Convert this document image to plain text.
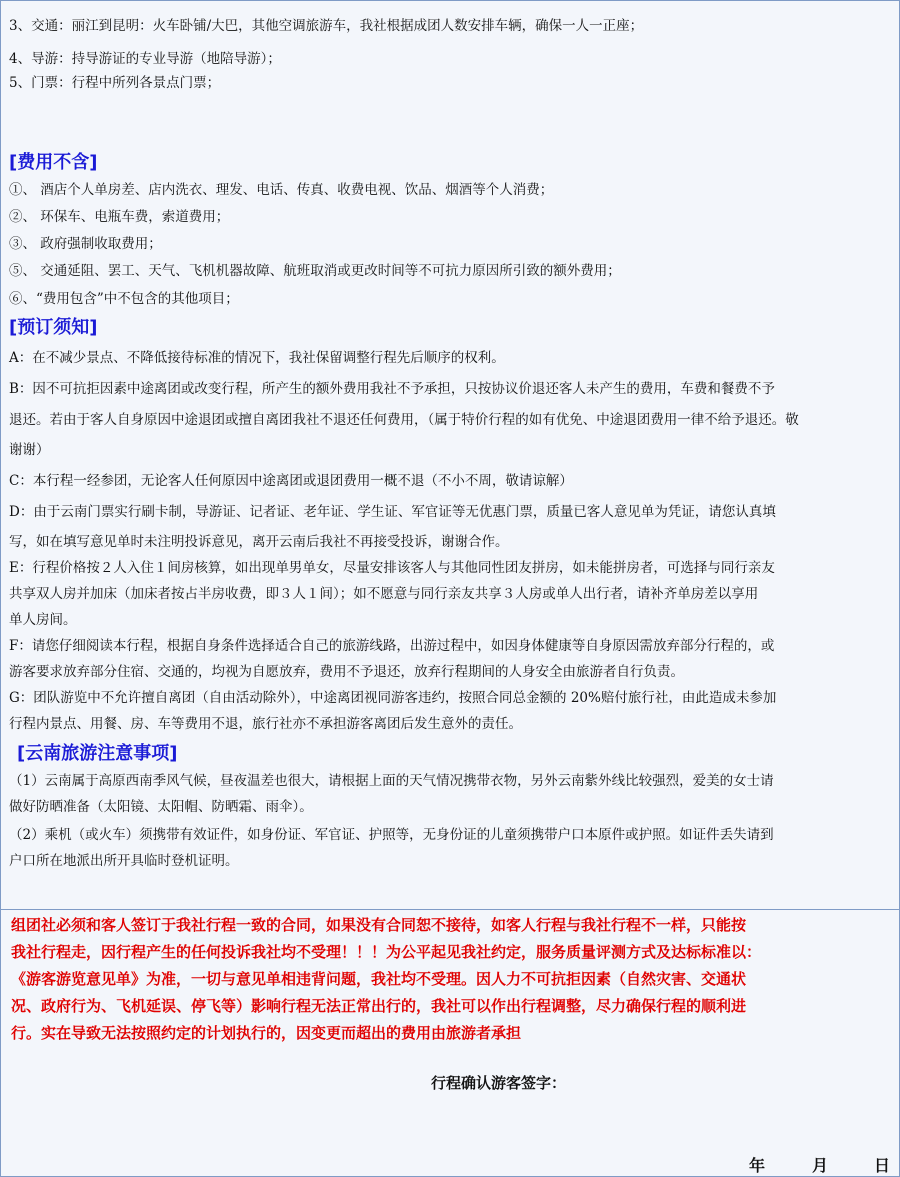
3、交通：丽江到昆明：火车卧铺/大巴，其他空调旅游车，我社根据成团人数安排车辆，确保一人一正座；
4、导游：持导游证的专业导游（地陪导游）；
5、门票：行程中所列各景点门票；
[费用不含]
①、 酒店个人单房差、店内洗衣、理发、电话、传真、收费电视、饮品、烟酒等个人消费；
②、 环保车、电瓶车费，索道费用；
③、 政府强制收取费用；
⑤、 交通延阻、罢工、天气、飞机机器故障、航班取消或更改时间等不可抗力原因所引致的额外费用；
⑥、“费用包含”中不包含的其他项目；
[预订须知]
A：在不减少景点、不降低接待标准的情况下，我社保留调整行程先后顺序的权利。
B：因不可抗拒因素中途离团或改变行程，所产生的额外费用我社不予承担，只按协议价退还客人未产生的费用，车费和餐费不予
退还。若由于客人自身原因中途退团或擅自离团我社不退还任何费用，（属于特价行程的如有优免、中途退团费用一律不给予退还。敬
谢谢）
C：本行程一经参团，无论客人任何原因中途离团或退团费用一概不退（不小不周，敬请谅解）
D：由于云南门票实行刷卡制，导游证、记者证、老年证、学生证、军官证等无优惠门票，质量已客人意见单为凭证，请您认真填
写，如在填写意见单时未注明投诉意见，离开云南后我社不再接受投诉，谢谢合作。
E：行程价格按２人入住１间房核算，如出现单男单女，尽量安排该客人与其他同性团友拼房，如未能拼房者，可选择与同行亲友
共享双人房并加床（加床者按占半房收费，即３人１间）；如不愿意与同行亲友共享３人房或单人出行者，请补齐单房差以享用
单人房间。
F：请您仔细阅读本行程，根据自身条件选择适合自己的旅游线路，出游过程中，如因身体健康等自身原因需放弃部分行程的，或
游客要求放弃部分住宿、交通的，均视为自愿放弃，费用不予退还，放弃行程期间的人身安全由旅游者自行负责。
G：团队游览中不允许擅自离团（自由活动除外），中途离团视同游客违约，按照合同总金额的 20%赔付旅行社，由此造成未参加
行程内景点、用餐、房、车等费用不退，旅行社亦不承担游客离团后发生意外的责任。
[云南旅游注意事项]
（1）云南属于高原西南季风气候，昼夜温差也很大，请根据上面的天气情况携带衣物，另外云南紫外线比较强烈，爱美的女士请
做好防晒准备（太阳镜、太阳帽、防晒霜、雨伞）。
（2）乘机（或火车）须携带有效证件，如身份证、军官证、护照等，无身份证的儿童须携带户口本原件或护照。如证件丢失请到
户口所在地派出所开具临时登机证明。
组团社必须和客人签订于我社行程一致的合同，如果没有合同恕不接待，如客人行程与我社行程不一样，只能按
我社行程走，因行程产生的任何投诉我社均不受理！！！为公平起见我社约定，服务质量评测方式及达标标准以：
《游客游览意见单》为准，一切与意见单相违背问题，我社均不受理。因人力不可抗拒因素（自然灾害、交通状
况、政府行为、飞机延误、停飞等）影响行程无法正常出行的，我社可以作出行程调整，尽力确保行程的顺利进
行。实在导致无法按照约定的计划执行的，因变更而超出的费用由旅游者承担
行程确认游客签字：
年	月	日
